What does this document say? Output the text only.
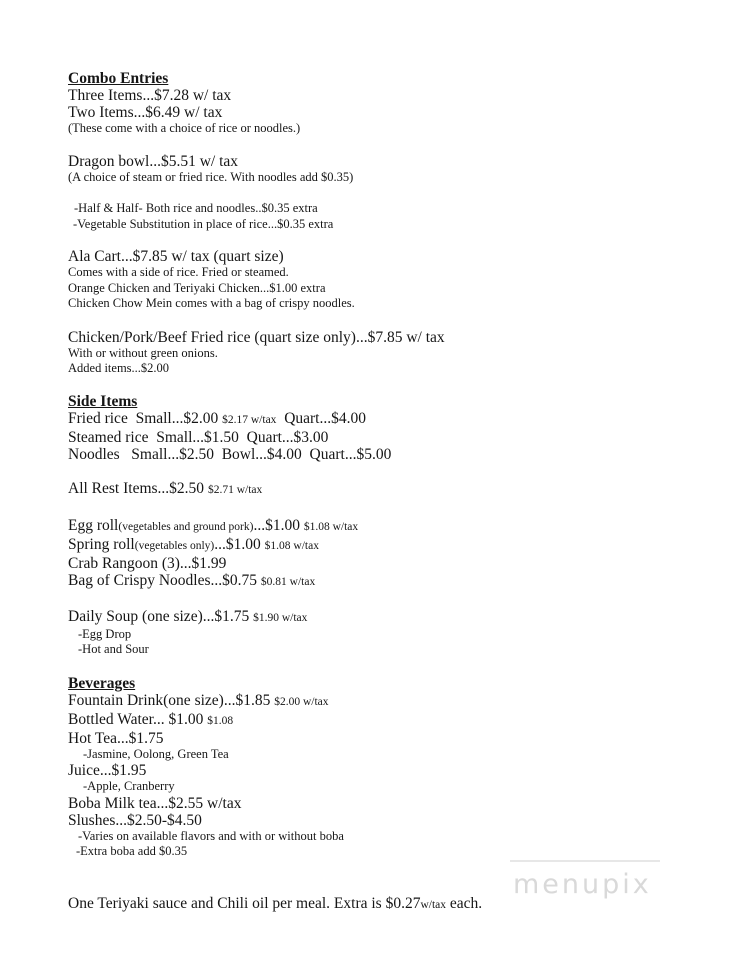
Combo Entries
Three Items...$7.28 w/ tax
Two Items...$6.49 w/ tax
(These come with a choice of rice or noodles.)
Dragon bowl...$5.51 w/ tax
(A choice of steam or fried rice. With noodles add $0.35)
-Half & Half- Both rice and noodles..$0.35 extra
-Vegetable Substitution in place of rice...$0.35 extra
Ala Cart...$7.85 w/ tax (quart size)
Comes with a side of rice. Fried or steamed.
Orange Chicken and Teriyaki Chicken...$1.00 extra
Chicken Chow Mein comes with a bag of crispy noodles.
Chicken/Pork/Beef Fried rice (quart size only)...$7.85 w/ tax
With or without green onions.
Added items...$2.00
Side Items
Fried rice  Small...$2.00 $2.17 w/tax  Quart...$4.00
Steamed rice  Small...$1.50  Quart...$3.00
Noodles   Small...$2.50  Bowl...$4.00  Quart...$5.00
All Rest Items...$2.50 $2.71 w/tax
Egg roll(vegetables and ground pork)...$1.00 $1.08 w/tax
Spring roll(vegetables only)...$1.00 $1.08 w/tax
Crab Rangoon (3)...$1.99
Bag of Crispy Noodles...$0.75 $0.81 w/tax
Daily Soup (one size)...$1.75 $1.90 w/tax
-Egg Drop
-Hot and Sour
Beverages
Fountain Drink(one size)...$1.85 $2.00 w/tax
Bottled Water... $1.00 $1.08
Hot Tea...$1.75
-Jasmine, Oolong, Green Tea
Juice...$1.95
-Apple, Cranberry
Boba Milk tea...$2.55 w/tax
Slushes...$2.50-$4.50
-Varies on available flavors and with or without boba
-Extra boba add $0.35
One Teriyaki sauce and Chili oil per meal. Extra is $0.27w/tax each.
menupix
